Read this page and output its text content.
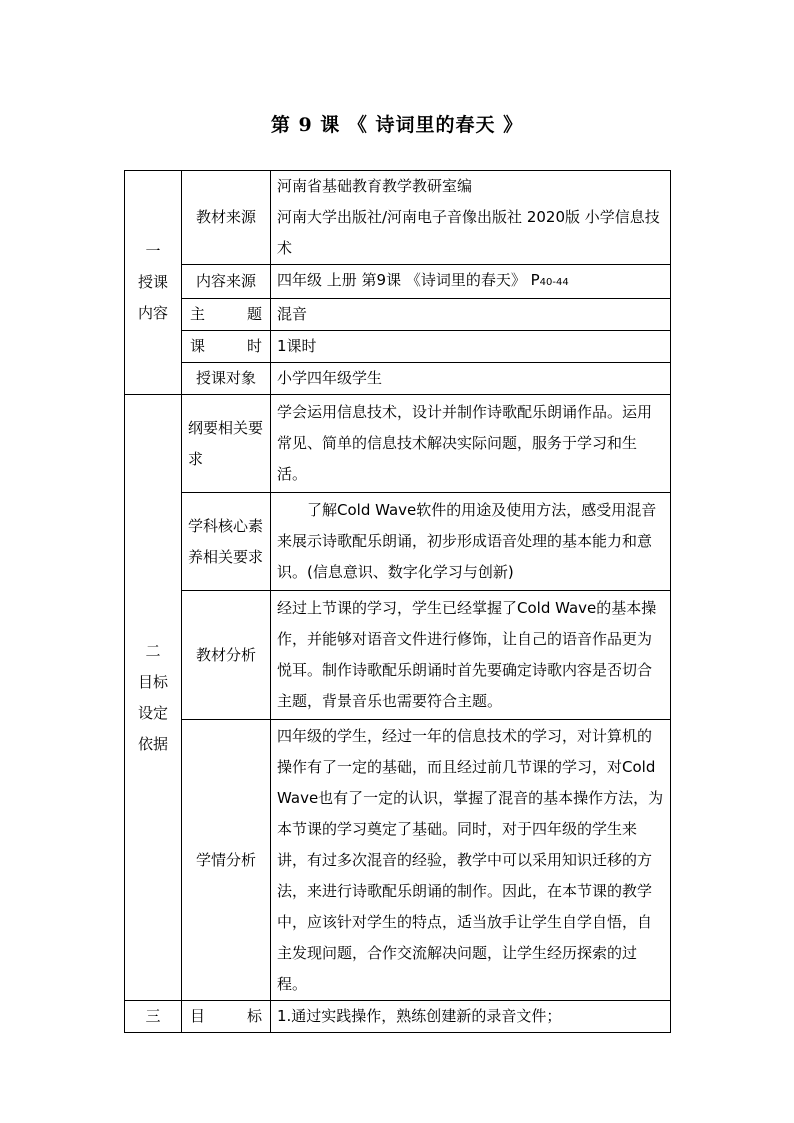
第 9 课 《 诗词里的春天 》
一
授课
内容	教材来源	河南省基础教育教学教研室编
河南大学出版社/河南电子音像出版社 2020版 小学信息技术
	内容来源	四年级 上册 第9课 《诗词里的春天》 P40-44

	主题	混音

	课时	1课时
	授课对象	小学四年级学生
二
目标
设定
依据	纲要相关要求	学会运用信息技术，设计并制作诗歌配乐朗诵作品。运用常见、简单的信息技术解决实际问题，服务于学习和生活。
	学科核心素养相关要求	了解Cold Wave软件的用途及使用方法，感受用混音来展示诗歌配乐朗诵，初步形成语音处理的基本能力和意识。(信息意识、数字化学习与创新)
	教材分析	经过上节课的学习，学生已经掌握了Cold Wave的基本操作，并能够对语音文件进行修饰，让自己的语音作品更为悦耳。制作诗歌配乐朗诵时首先要确定诗歌内容是否切合主题，背景音乐也需要符合主题。
	学情分析	四年级的学生，经过一年的信息技术的学习，对计算机的操作有了一定的基础，而且经过前几节课的学习，对Cold Wave也有了一定的认识，掌握了混音的基本操作方法，为本节课的学习奠定了基础。同时，对于四年级的学生来讲，有过多次混音的经验，教学中可以采用知识迁移的方法，来进行诗歌配乐朗诵的制作。因此，在本节课的教学中，应该针对学生的特点，适当放手让学生自学自悟，自主发现问题，合作交流解决问题，让学生经历探索的过程。
三	目标	1.通过实践操作，熟练创建新的录音文件；
